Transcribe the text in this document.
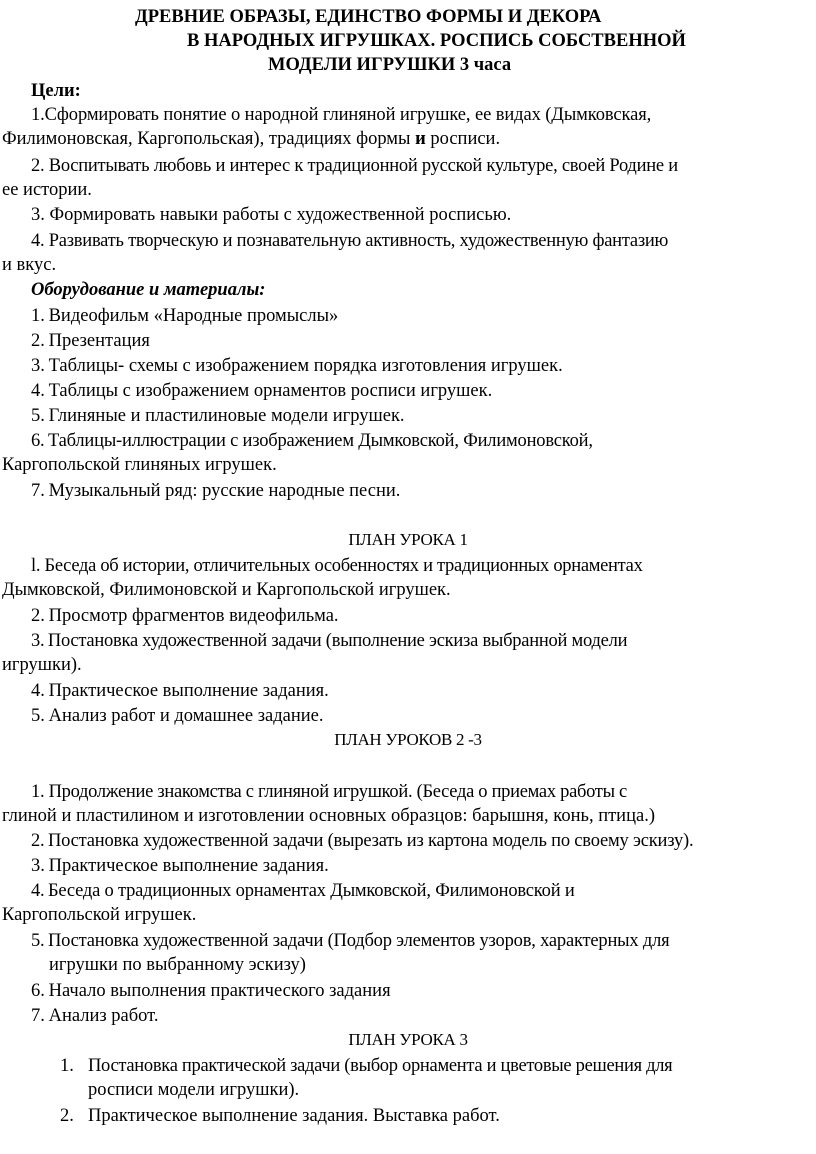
ДРЕВНИЕ ОБРАЗЫ, ЕДИНСТВО ФОРМЫ И ДЕКОРА
В НАРОДНЫХ ИГРУШКАХ. РОСПИСЬ СОБСТВЕННОЙ
МОДЕЛИ ИГРУШКИ 3 часа
Цели:
1.Сформировать понятие о народной глиняной игрушке, ее видах (Дымковская,
Филимоновская, Каргопольская), традициях формы и росписи.
2. Воспитывать любовь и интерес к традиционной русской культуре, своей Родине и
ее истории.
3. Формировать навыки работы с художественной росписью.
4. Развивать творческую и познавательную активность, художественную фантазию
и вкус.
Оборудование и материалы:
1. Видеофильм «Народные промыслы»
2. Презентация
3. Таблицы- схемы с изображением порядка изготовления игрушек.
4. Таблицы с изображением орнаментов росписи игрушек.
5. Глиняные и пластилиновые модели игрушек.
6. Таблицы-иллюстрации с изображением Дымковской, Филимоновской,
Каргопольской глиняных игрушек.
7. Музыкальный ряд: русские народные песни.
ПЛАН УРОКА 1
l. Беседа об истории, отличительных особенностях и традиционных орнаментах
Дымковской, Филимоновской и Каргопольской игрушек.
2. Просмотр фрагментов видеофильма.
3. Постановка художественной задачи (выполнение эскиза выбранной модели
игрушки).
4. Практическое выполнение задания.
5. Анализ работ и домашнее задание.
ПЛАН УРОКОВ 2 -3
1. Продолжение знакомства с глиняной игрушкой. (Беседа о приемах работы с
глиной и пластилином и изготовлении основных образцов: барышня, конь, птица.)
2. Постановка художественной задачи (вырезать из картона модель по своему эскизу).
3. Практическое выполнение задания.
4. Беседа о традиционных орнаментах Дымковской, Филимоновской и
Каргопольской игрушек.
5. Постановка художественной задачи (Подбор элементов узоров, характерных для
игрушки по выбранному эскизу)
6. Начало выполнения практического задания
7. Анализ работ.
ПЛАН УРОКА 3
1. Постановка практической задачи (выбор орнамента и цветовые решения для
росписи модели игрушки).
2. Практическое выполнение задания. Выставка работ.
